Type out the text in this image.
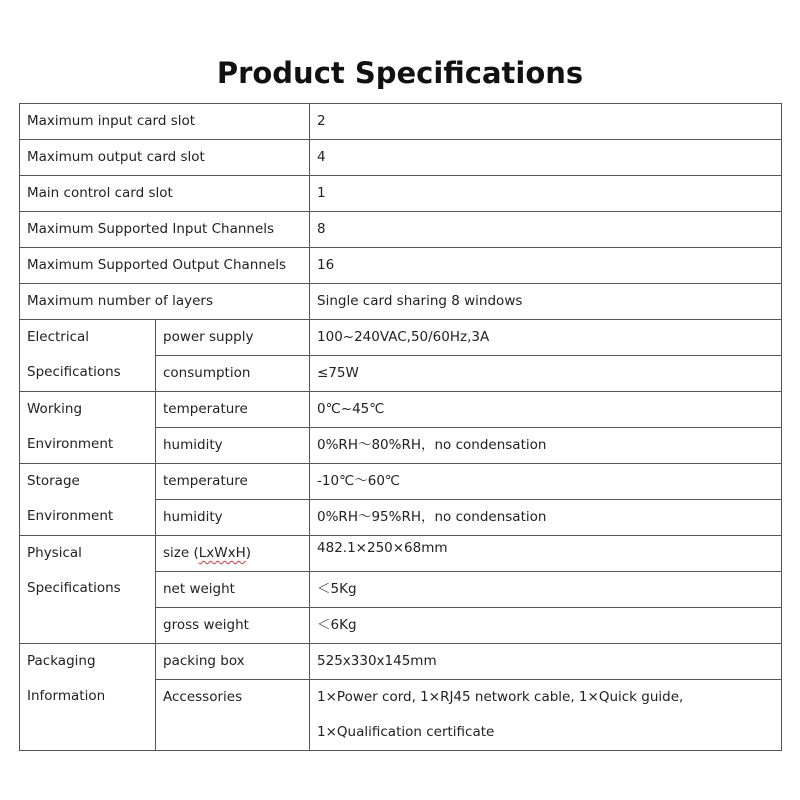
Product Specifications
Maximum input card slot		2
Maximum output card slot		4
Main control card slot		1
Maximum Supported Input Channels		8
Maximum Supported Output Channels		16
Maximum number of layers		Single card sharing 8 windows

Electrical
Specifications	power supply	100~240VAC,50/60Hz,3A
	consumption	≤75W

Working
Environment	temperature	0℃~45℃
	humidity	0%RH～80%RH，no condensation

Storage
Environment	temperature	-10℃～60℃
	humidity	0%RH～95%RH，no condensation

Physical
Specifications	size (LxWxH)	482.1×250×68mm
	net weight	＜5Kg
	gross weight	＜6Kg

Packaging
Information	packing box	525x330x145mm
	Accessories	1×Power cord, 1×RJ45 network cable, 1×Quick guide, 1×Qualification certificate
